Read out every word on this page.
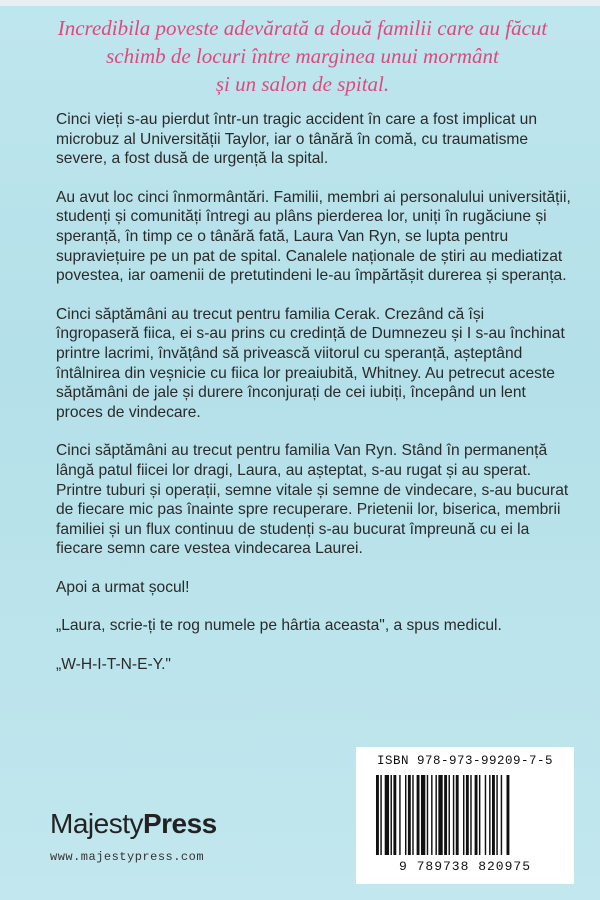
Incredibila poveste adevărată a două familii care au făcut
schimb de locuri între marginea unui mormânt
și un salon de spital.

Cinci vieți s-au pierdut într-un tragic accident în care a fost implicat un microbuz al Universității Taylor, iar o tânără în comă, cu traumatisme severe, a fost dusă de urgență la spital.

Au avut loc cinci înmormântări. Familii, membri ai personalului universității, studenți și comunități întregi au plâns pierderea lor, uniți în rugăciune și speranță, în timp ce o tânără fată, Laura Van Ryn, se lupta pentru supraviețuire pe un pat de spital. Canalele naționale de știri au mediatizat povestea, iar oamenii de pretutindeni le-au împărtășit durerea și speranța.

Cinci săptămâni au trecut pentru familia Cerak. Crezând că își îngropaseră fiica, ei s-au prins cu credință de Dumnezeu și I s-au închinat printre lacrimi, învățând să privească viitorul cu speranță, așteptând întâlnirea din veșnicie cu fiica lor preaiubită, Whitney. Au petrecut aceste săptămâni de jale și durere înconjurați de cei iubiți, începând un lent proces de vindecare.

Cinci săptămâni au trecut pentru familia Van Ryn. Stând în permanență lângă patul fiicei lor dragi, Laura, au așteptat, s-au rugat și au sperat. Printre tuburi și operații, semne vitale și semne de vindecare, s-au bucurat de fiecare mic pas înainte spre recuperare. Prietenii lor, biserica, membrii familiei și un flux continuu de studenți s-au bucurat împreună cu ei la fiecare semn care vestea vindecarea Laurei.

Apoi a urmat șocul!

„Laura, scrie-ți te rog numele pe hârtia aceasta", a spus medicul.

„W-H-I-T-N-E-Y."

ISBN 978-973-99209-7-5
9 789738 820975
MajestyPress
www.majestypress.com
